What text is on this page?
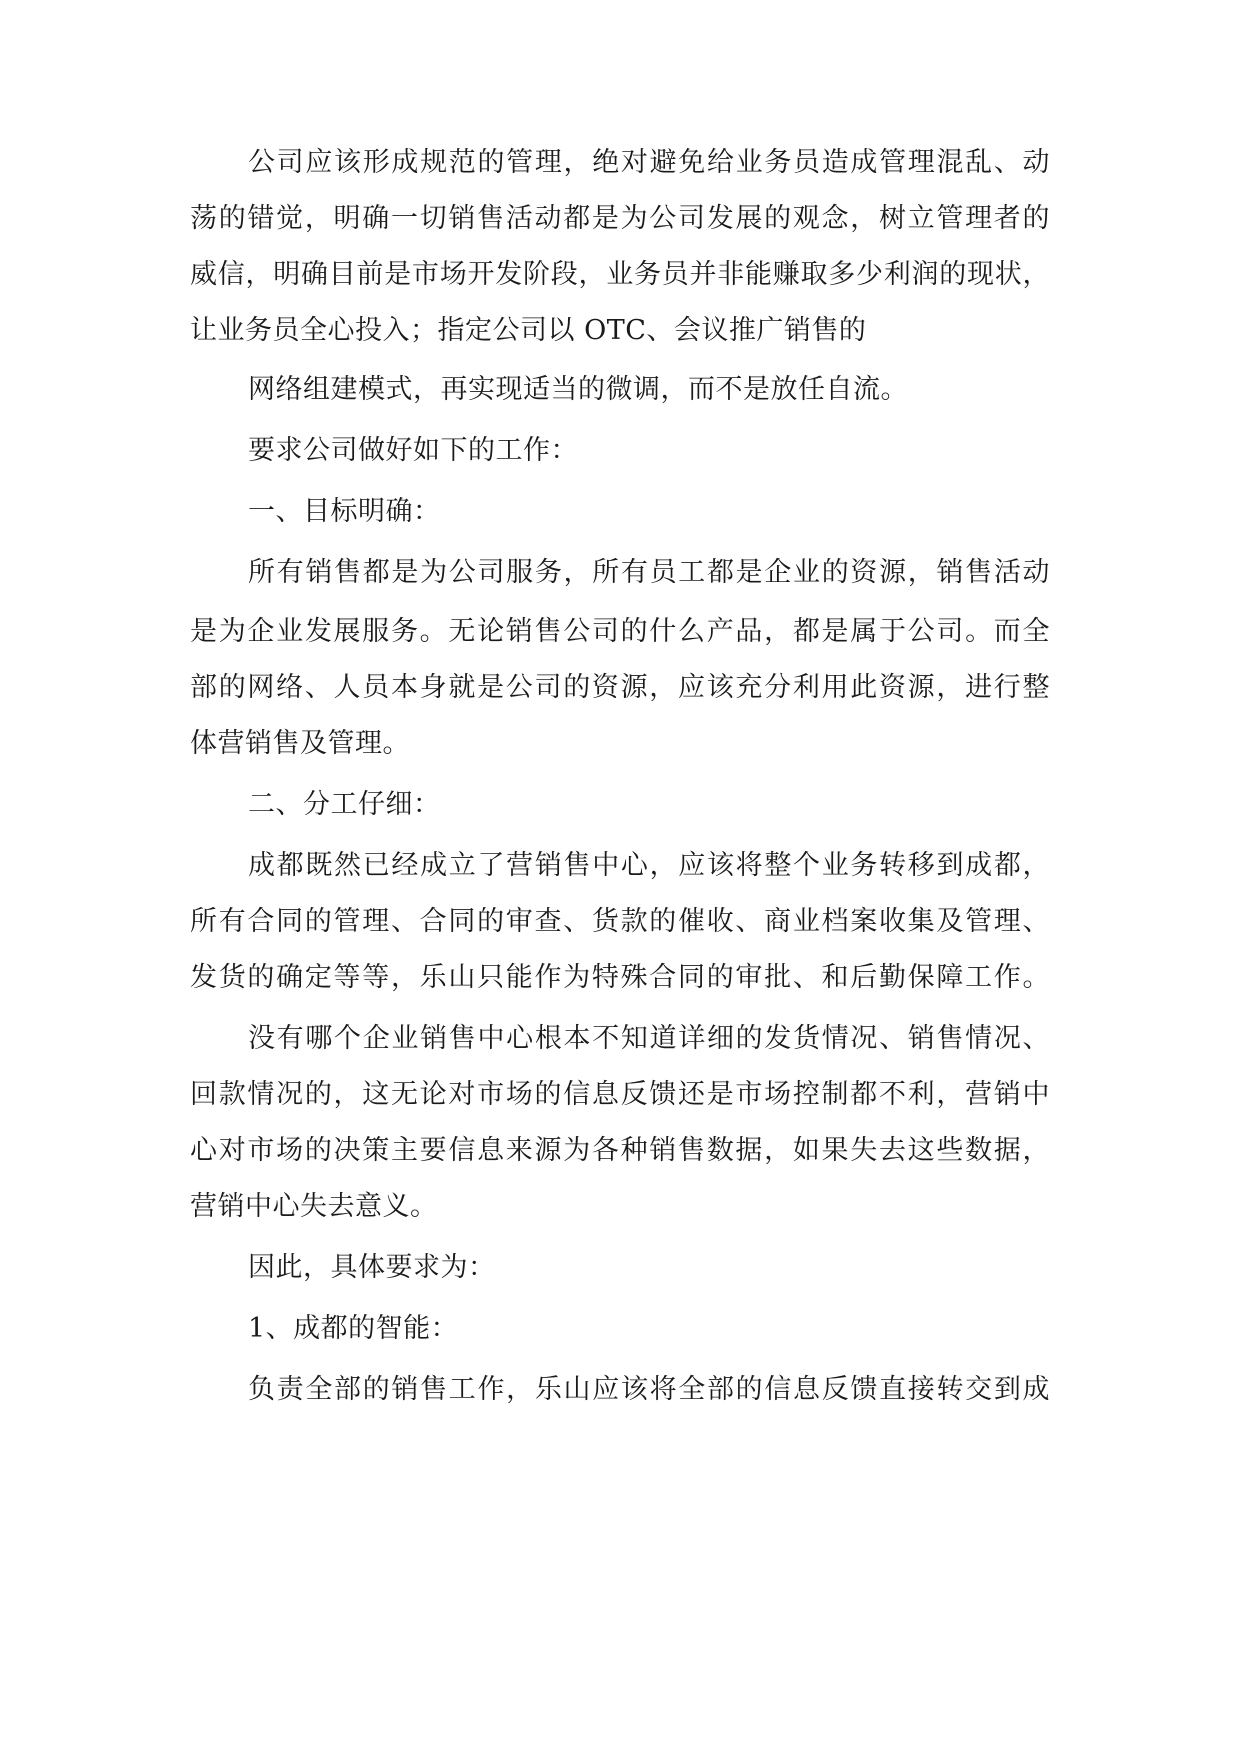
公司应该形成规范的管理，绝对避免给业务员造成管理混乱、动
荡的错觉，明确一切销售活动都是为公司发展的观念，树立管理者的
威信，明确目前是市场开发阶段，业务员并非能赚取多少利润的现状，
让业务员全心投入；指定公司以 OTC、会议推广销售的
网络组建模式，再实现适当的微调，而不是放任自流。
要求公司做好如下的工作：
一、目标明确：
所有销售都是为公司服务，所有员工都是企业的资源，销售活动
是为企业发展服务。无论销售公司的什么产品，都是属于公司。而全
部的网络、人员本身就是公司的资源，应该充分利用此资源，进行整
体营销售及管理。
二、分工仔细：
成都既然已经成立了营销售中心，应该将整个业务转移到成都，
所有合同的管理、合同的审查、货款的催收、商业档案收集及管理、
发货的确定等等，乐山只能作为特殊合同的审批、和后勤保障工作。
没有哪个企业销售中心根本不知道详细的发货情况、销售情况、
回款情况的，这无论对市场的信息反馈还是市场控制都不利，营销中
心对市场的决策主要信息来源为各种销售数据，如果失去这些数据，
营销中心失去意义。
因此，具体要求为：
1、成都的智能：
负责全部的销售工作，乐山应该将全部的信息反馈直接转交到成
